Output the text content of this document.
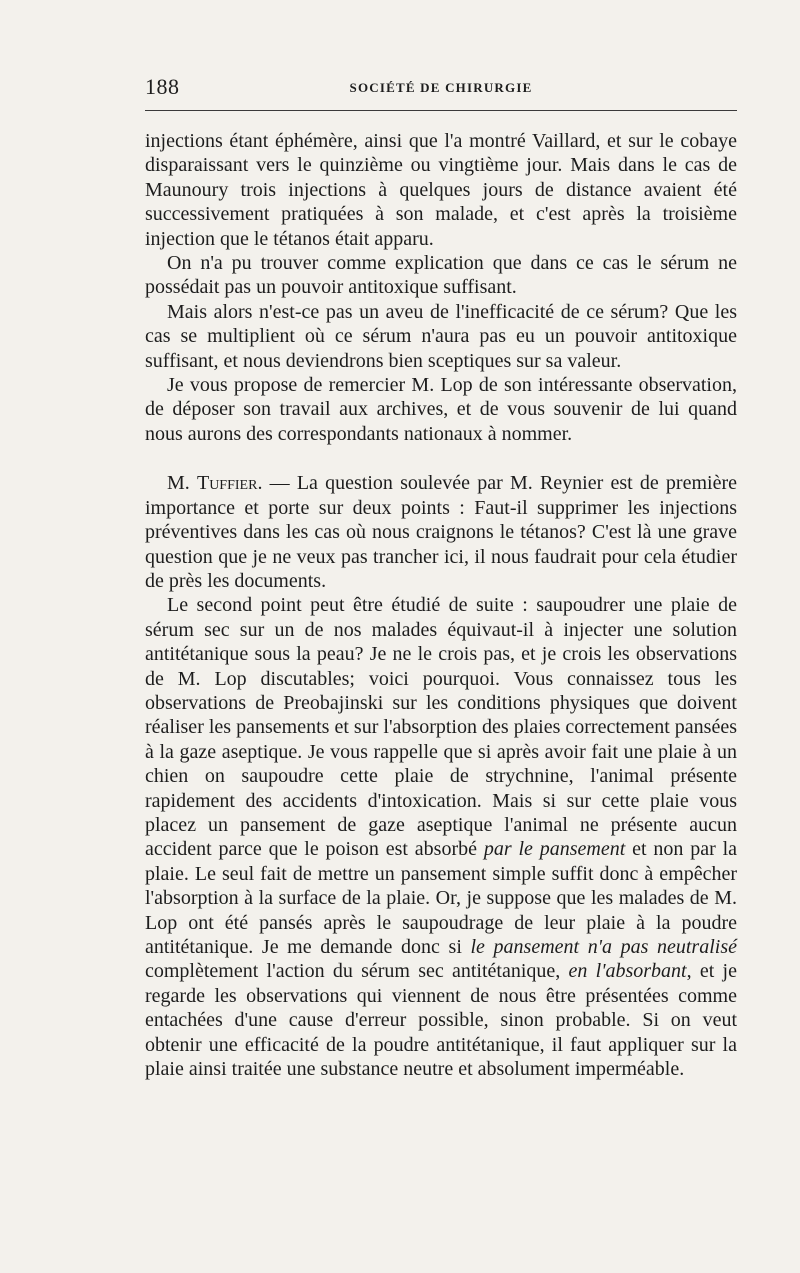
188	SOCIÉTÉ DE CHIRURGIE

injections étant éphémère, ainsi que l'a montré Vaillard, et sur le cobaye disparaissant vers le quinzième ou vingtième jour. Mais dans le cas de Maunoury trois injections à quelques jours de distance avaient été successivement pratiquées à son malade, et c'est après la troisième injection que le tétanos était apparu.

On n'a pu trouver comme explication que dans ce cas le sérum ne possédait pas un pouvoir antitoxique suffisant.

Mais alors n'est-ce pas un aveu de l'inefficacité de ce sérum? Que les cas se multiplient où ce sérum n'aura pas eu un pouvoir antitoxique suffisant, et nous deviendrons bien sceptiques sur sa valeur.

Je vous propose de remercier M. Lop de son intéressante observation, de déposer son travail aux archives, et de vous souvenir de lui quand nous aurons des correspondants nationaux à nommer.

M. Tuffier. — La question soulevée par M. Reynier est de première importance et porte sur deux points : Faut-il supprimer les injections préventives dans les cas où nous craignons le tétanos? C'est là une grave question que je ne veux pas trancher ici, il nous faudrait pour cela étudier de près les documents.

Le second point peut être étudié de suite : saupoudrer une plaie de sérum sec sur un de nos malades équivaut-il à injecter une solution antitétanique sous la peau? Je ne le crois pas, et je crois les observations de M. Lop discutables; voici pourquoi. Vous connaissez tous les observations de Preobajinski sur les conditions physiques que doivent réaliser les pansements et sur l'absorption des plaies correctement pansées à la gaze aseptique. Je vous rappelle que si après avoir fait une plaie à un chien on saupoudre cette plaie de strychnine, l'animal présente rapidement des accidents d'intoxication. Mais si sur cette plaie vous placez un pansement de gaze aseptique l'animal ne présente aucun accident parce que le poison est absorbé par le pansement et non par la plaie. Le seul fait de mettre un pansement simple suffit donc à empêcher l'absorption à la surface de la plaie. Or, je suppose que les malades de M. Lop ont été pansés après le saupoudrage de leur plaie à la poudre antitétanique. Je me demande donc si le pansement n'a pas neutralisé complètement l'action du sérum sec antitétanique, en l'absorbant, et je regarde les observations qui viennent de nous être présentées comme entachées d'une cause d'erreur possible, sinon probable. Si on veut obtenir une efficacité de la poudre antitétanique, il faut appliquer sur la plaie ainsi traitée une substance neutre et absolument imperméable.
